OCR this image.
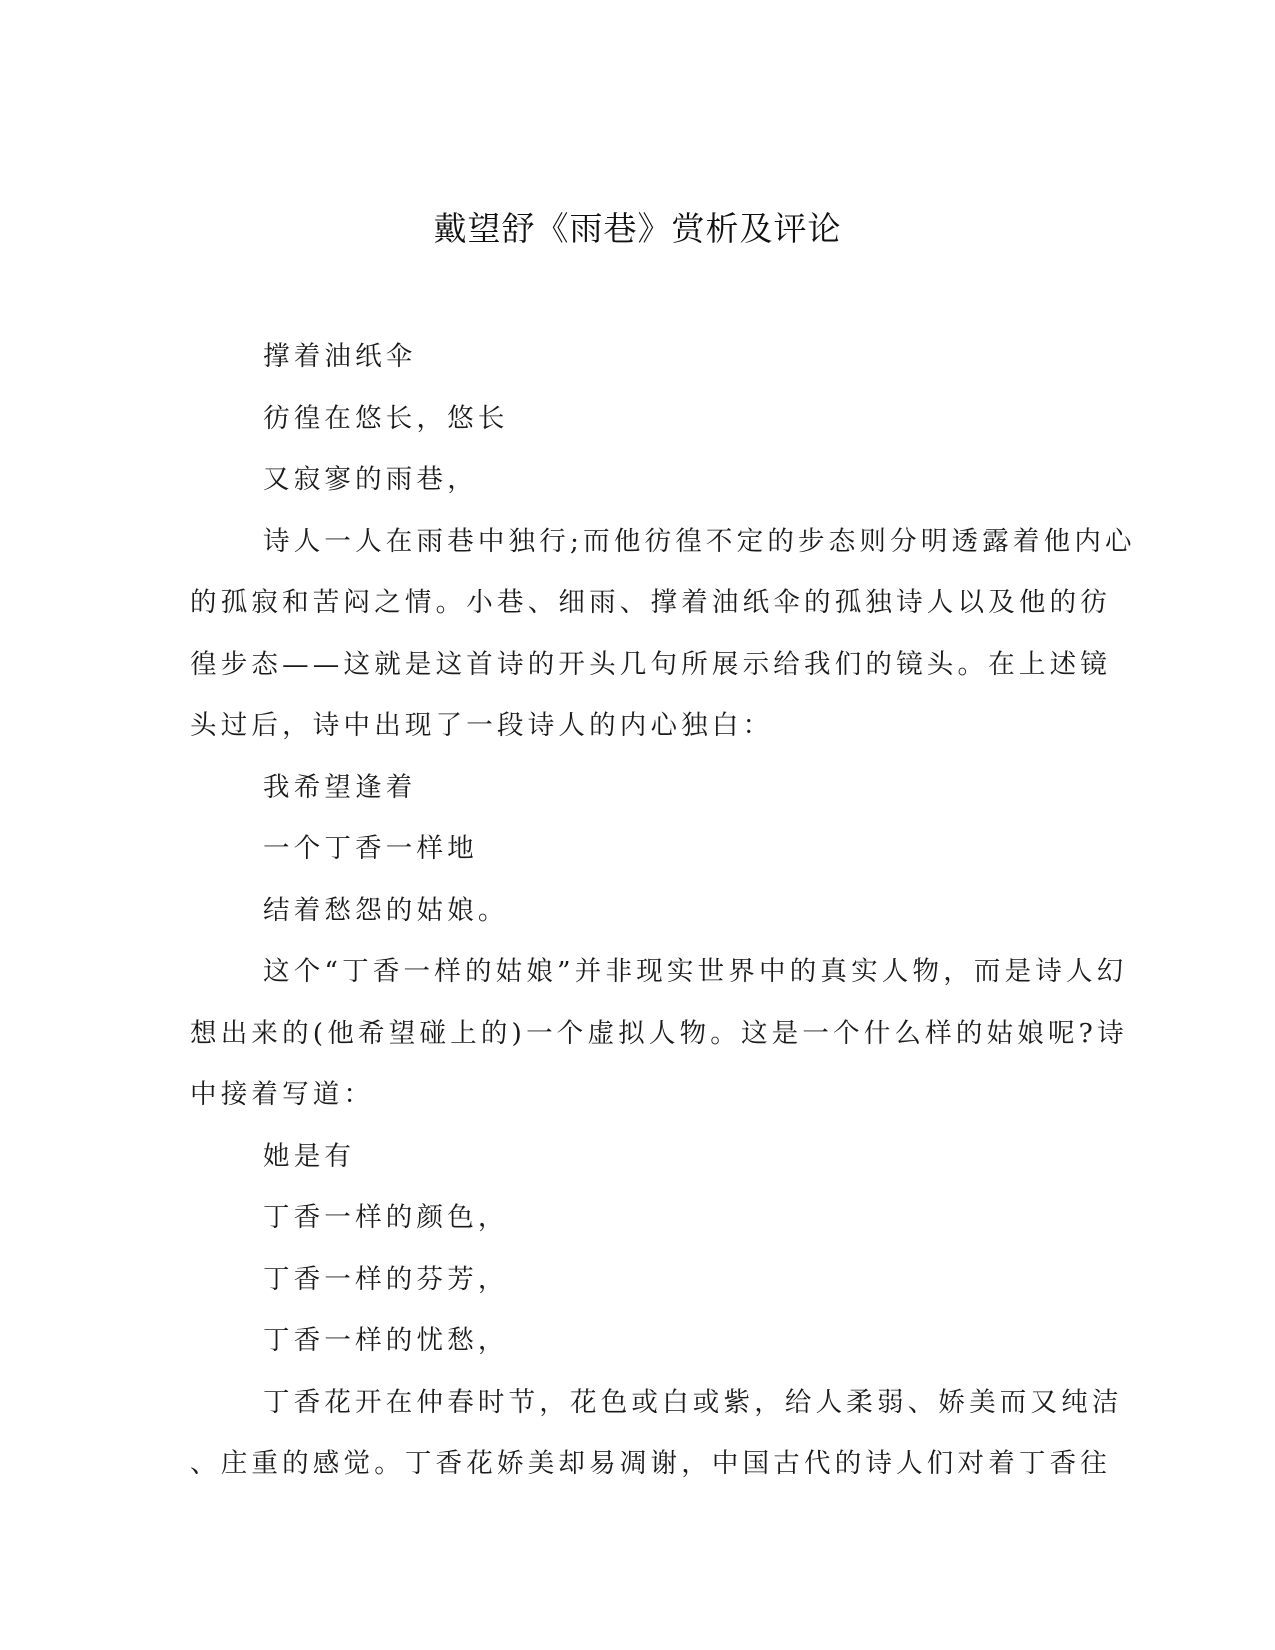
戴望舒《雨巷》赏析及评论
撑着油纸伞
彷徨在悠长，悠长
又寂寥的雨巷，
诗人一人在雨巷中独行;而他彷徨不定的步态则分明透露着他内心
的孤寂和苦闷之情。小巷、细雨、撑着油纸伞的孤独诗人以及他的彷
徨步态——这就是这首诗的开头几句所展示给我们的镜头。在上述镜
头过后，诗中出现了一段诗人的内心独白：
我希望逢着
一个丁香一样地
结着愁怨的姑娘。
这个“丁香一样的姑娘”并非现实世界中的真实人物，而是诗人幻
想出来的(他希望碰上的)一个虚拟人物。这是一个什么样的姑娘呢?诗
中接着写道：
她是有
丁香一样的颜色，
丁香一样的芬芳，
丁香一样的忧愁，
丁香花开在仲春时节，花色或白或紫，给人柔弱、娇美而又纯洁
、庄重的感觉。丁香花娇美却易凋谢，中国古代的诗人们对着丁香往
